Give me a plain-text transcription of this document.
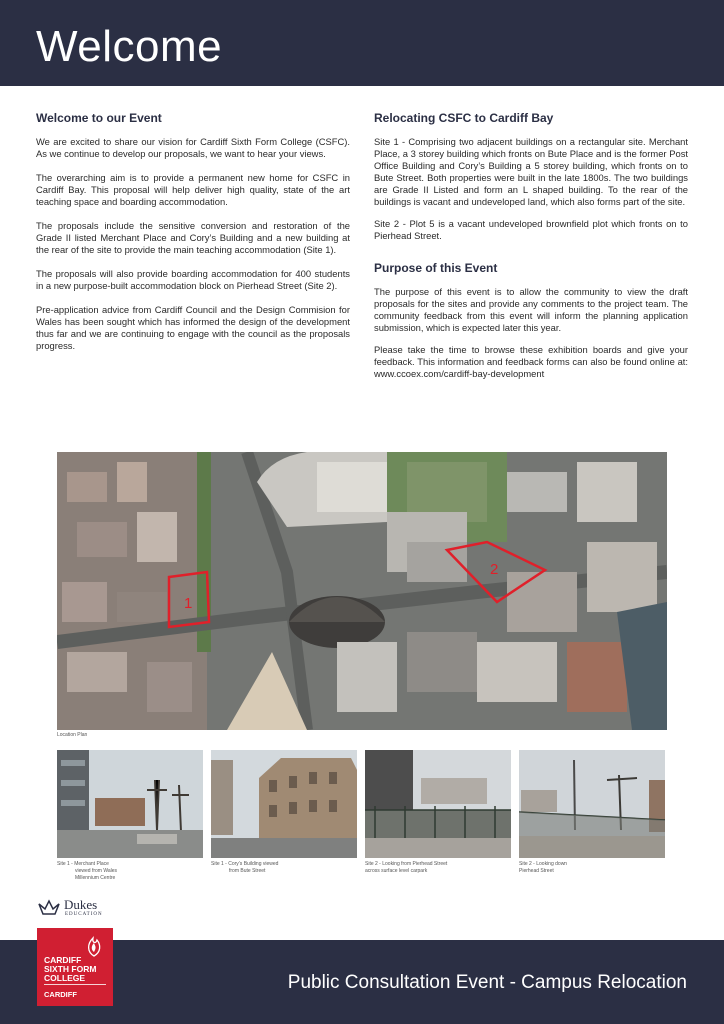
Welcome
Welcome to our Event

We are excited to share our vision for Cardiff Sixth Form College (CSFC). As we continue to develop our proposals, we want to hear your views.

The overarching aim is to provide a permanent new home for CSFC in Cardiff Bay. This proposal will help deliver high quality, state of the art teaching space and boarding accommodation.

The proposals include the sensitive conversion and restoration of the Grade II listed Merchant Place and Cory’s Building and a new building at the rear of the site to provide the main teaching accommodation (Site 1).

The proposals will also provide boarding accommodation for 400 students in a new purpose-built accommodation block on Pierhead Street (Site 2).

Pre-application advice from Cardiff Council and the Design Commision for Wales has been sought which has informed the design of the development thus far and we are continuing to engage with the council as the proposals progress.

Relocating CSFC to Cardiff Bay

Site 1 - Comprising two adjacent buildings on a rectangular site. Merchant Place, a 3 storey building which fronts on Bute Place and is the former Post Office Building and Cory’s Building a 5 storey building, which fronts on to Bute Street. Both properties were built in the late 1800s. The two buildings are Grade II Listed and form an L shaped building. To the rear of the buildings is vacant and undeveloped land, which also forms part of the site.

Site 2 - Plot 5 is a vacant undeveloped brownfield plot which fronts on to Pierhead Street.

Purpose of this Event

The purpose of this event is to allow the community to view the draft proposals for the sites and provide any comments to the project team. The community feedback from this event will inform the planning application submission, which is expected later this year.

Please take the time to browse these exhibition boards and give your feedback. This information and feedback forms can also be found online at: www.ccoex.com/cardiff-bay-development

1
2
Location Plan
Site 1 - Merchant Place
viewed from Wales
Millennium Centre
Site 1 - Cory’s Building viewed
from Bute Street
Site 2 - Looking from Pierhead Street
across surface level carpark
Site 2 - Looking down
Pierhead Street
Dukes
EDUCATION
Public Consultation Event - Campus Relocation
CARDIFF
SIXTH FORM
COLLEGE
CARDIFF
